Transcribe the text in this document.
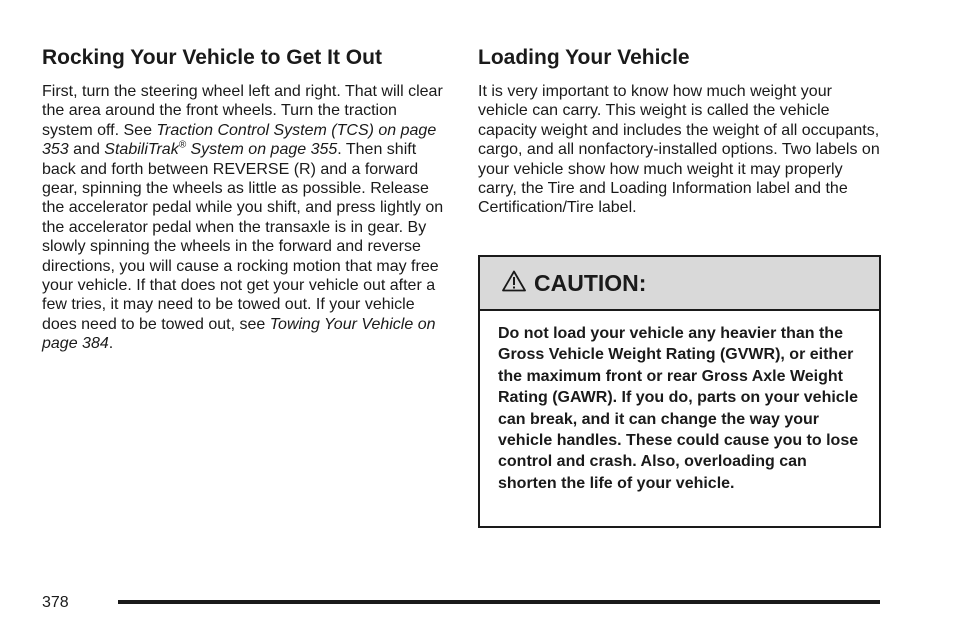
Rocking Your Vehicle to Get It Out

First, turn the steering wheel left and right. That will clear the area around the front wheels. Turn the traction system off. See Traction Control System (TCS) on page 353 and StabiliTrak® System on page 355. Then shift back and forth between REVERSE (R) and a forward gear, spinning the wheels as little as possible. Release the accelerator pedal while you shift, and press lightly on the accelerator pedal when the transaxle is in gear. By slowly spinning the wheels in the forward and reverse directions, you will cause a rocking motion that may free your vehicle. If that does not get your vehicle out after a few tries, it may need to be towed out. If your vehicle does need to be towed out, see Towing Your Vehicle on page 384.

Loading Your Vehicle

It is very important to know how much weight your vehicle can carry. This weight is called the vehicle capacity weight and includes the weight of all occupants, cargo, and all nonfactory-installed options. Two labels on your vehicle show how much weight it may properly carry, the Tire and Loading Information label and the Certification/Tire label.

CAUTION:
Do not load your vehicle any heavier than the Gross Vehicle Weight Rating (GVWR), or either the maximum front or rear Gross Axle Weight Rating (GAWR). If you do, parts on your vehicle can break, and it can change the way your vehicle handles. These could cause you to lose control and crash. Also, overloading can shorten the life of your vehicle.
378
